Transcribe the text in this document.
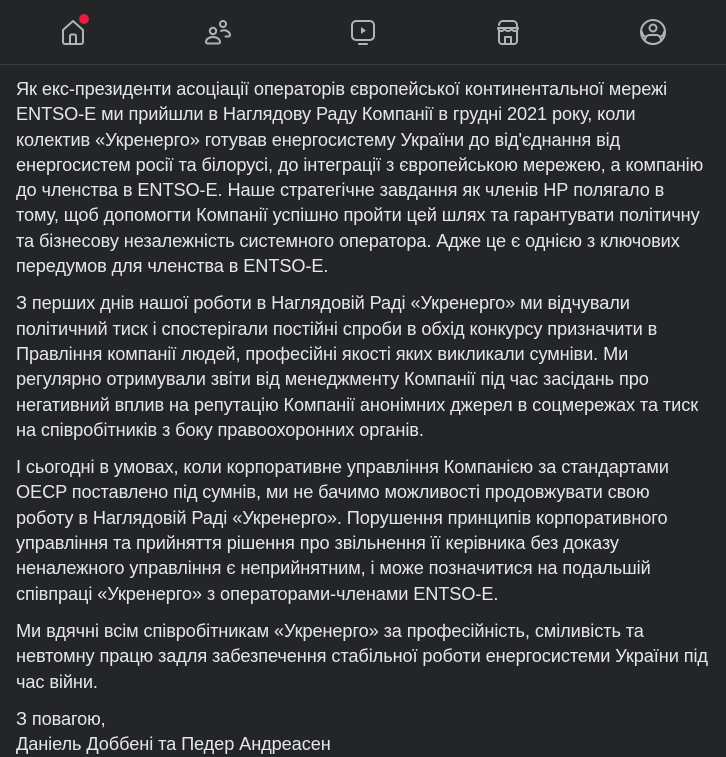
Як екс-президенти асоціації операторів європейської континентальної мережі ENTSO-E ми прийшли в Наглядову Раду Компанії в грудні 2021 року, коли колектив «Укренерго» готував енергосистему України до від'єднання від енергосистем росії та білорусі, до інтеграції з європейською мережею, а компанію до членства в ENTSO-E. Наше стратегічне завдання як членів НР полягало в тому, щоб допомогти Компанії успішно пройти цей шлях та гарантувати політичну та бізнесову незалежність системного оператора. Адже це є однією з ключових передумов для членства в ENTSO-E.

З перших днів нашої роботи в Наглядовій Раді «Укренерго» ми відчували політичний тиск і спостерігали постійні спроби в обхід конкурсу призначити в Правління компанії людей, професійні якості яких викликали сумніви. Ми регулярно отримували звіти від менеджменту Компанії під час засідань про негативний вплив на репутацію Компанії анонімних джерел в соцмережах та тиск на співробітників з боку правоохоронних органів.

І сьогодні в умовах, коли корпоративне управління Компанією за стандартами OECP поставлено під сумнів, ми не бачимо можливості продовжувати свою роботу в Наглядовій Раді «Укренерго». Порушення принципів корпоративного управління та прийняття рішення про звільнення її керівника без доказу неналежного управління є неприйнятним, і може позначитися на подальшій співпраці «Укренерго» з операторами-членами ENTSO-E.

Ми вдячні всім співробітникам «Укренерго» за професійність, сміливість та невтомну працю задля забезпечення стабільної роботи енергосистеми України під час війни.

З повагою,
Даніель Доббені та Педер Андреасен
